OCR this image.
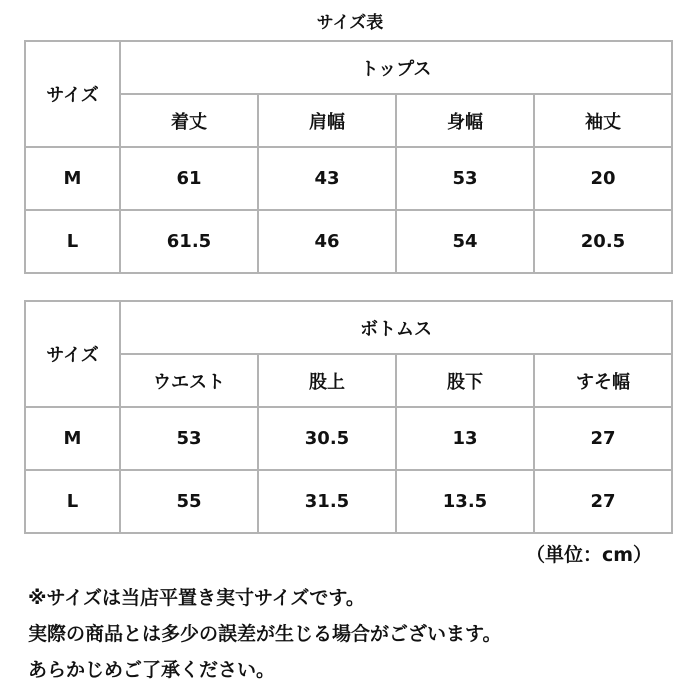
サイズ表
サイズ	トップス			
	着丈	肩幅	身幅	袖丈
M	61	43	53	20
L	61.5	46	54	20.5
サイズ	ボトムス			
	ウエスト	股上	股下	すそ幅
M	53	30.5	13	27
L	55	31.5	13.5	27
（単位：cm）
※サイズは当店平置き実寸サイズです。
実際の商品とは多少の誤差が生じる場合がございます。
あらかじめご了承ください。
